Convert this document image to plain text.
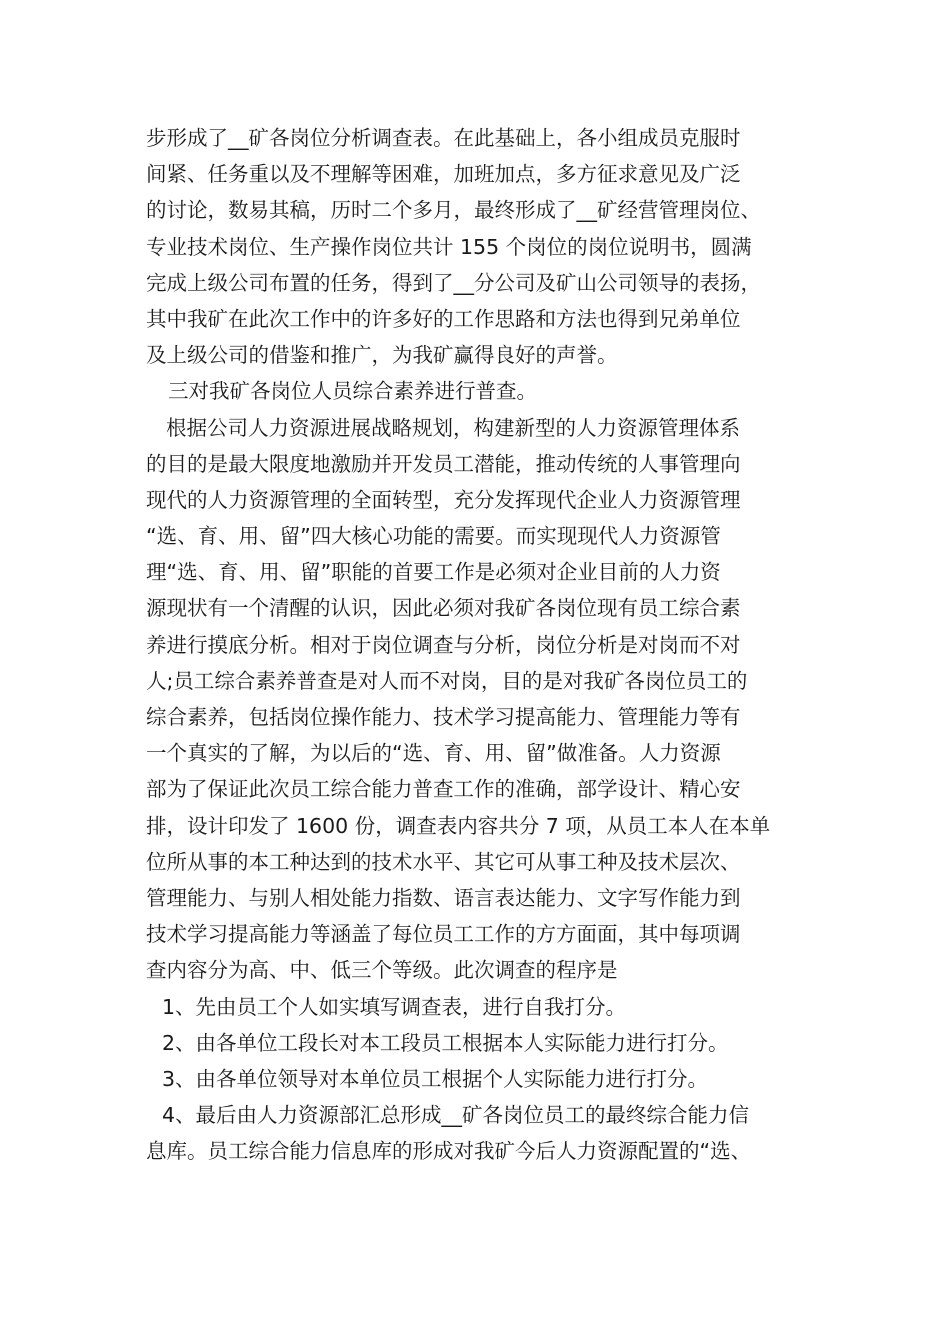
步形成了__矿各岗位分析调查表。在此基础上，各小组成员克服时
间紧、任务重以及不理解等困难，加班加点，多方征求意见及广泛
的讨论，数易其稿，历时二个多月，最终形成了__矿经营管理岗位、
专业技术岗位、生产操作岗位共计 155 个岗位的岗位说明书，圆满
完成上级公司布置的任务，得到了__分公司及矿山公司领导的表扬，
其中我矿在此次工作中的许多好的工作思路和方法也得到兄弟单位
及上级公司的借鉴和推广，为我矿赢得良好的声誉。
三对我矿各岗位人员综合素养进行普查。
根据公司人力资源进展战略规划，构建新型的人力资源管理体系
的目的是最大限度地激励并开发员工潜能，推动传统的人事管理向
现代的人力资源管理的全面转型，充分发挥现代企业人力资源管理
“选、育、用、留”四大核心功能的需要。而实现现代人力资源管
理“选、育、用、留”职能的首要工作是必须对企业目前的人力资
源现状有一个清醒的认识，因此必须对我矿各岗位现有员工综合素
养进行摸底分析。相对于岗位调查与分析，岗位分析是对岗而不对
人;员工综合素养普查是对人而不对岗，目的是对我矿各岗位员工的
综合素养，包括岗位操作能力、技术学习提高能力、管理能力等有
一个真实的了解，为以后的“选、育、用、留”做准备。人力资源
部为了保证此次员工综合能力普查工作的准确，部学设计、精心安
排，设计印发了 1600 份，调查表内容共分 7 项，从员工本人在本单
位所从事的本工种达到的技术水平、其它可从事工种及技术层次、
管理能力、与别人相处能力指数、语言表达能力、文字写作能力到
技术学习提高能力等涵盖了每位员工工作的方方面面，其中每项调
查内容分为高、中、低三个等级。此次调查的程序是
1、先由员工个人如实填写调查表，进行自我打分。
2、由各单位工段长对本工段员工根据本人实际能力进行打分。
3、由各单位领导对本单位员工根据个人实际能力进行打分。
4、最后由人力资源部汇总形成__矿各岗位员工的最终综合能力信
息库。员工综合能力信息库的形成对我矿今后人力资源配置的“选、
